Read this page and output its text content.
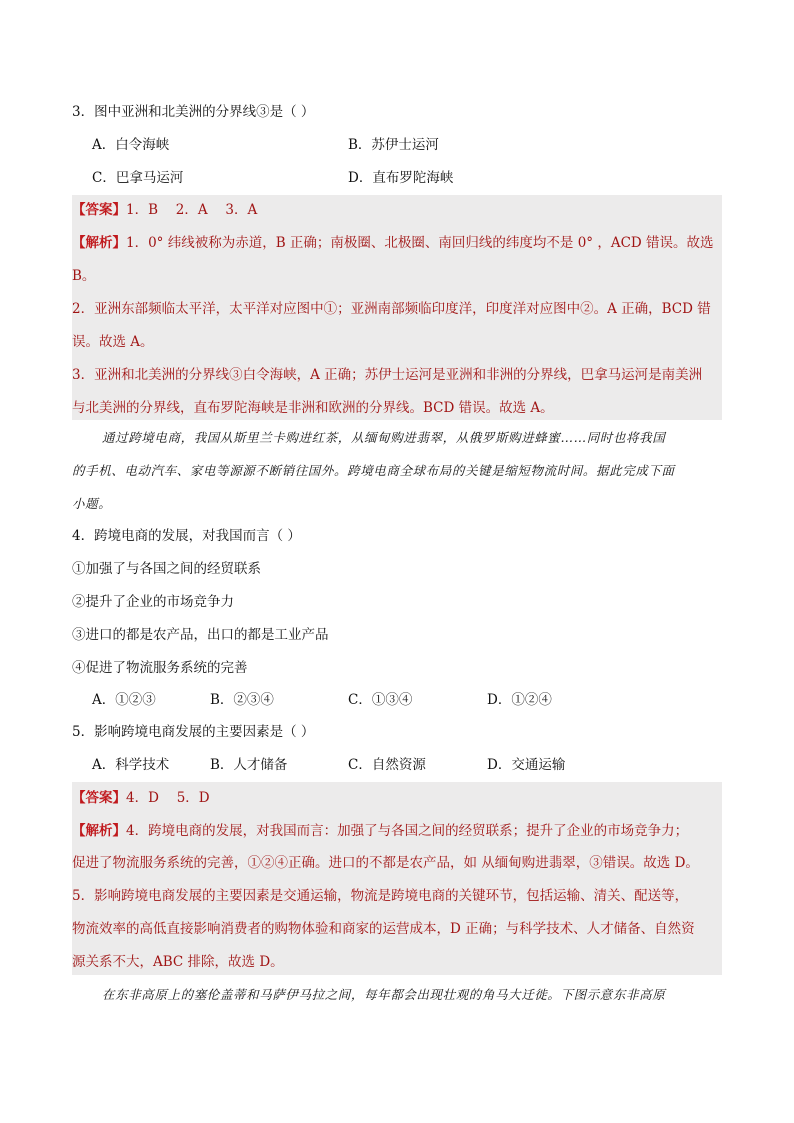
3．图中亚洲和北美洲的分界线③是（ ）
A．白令海峡	B．苏伊士运河
C．巴拿马运河	D．直布罗陀海峡
【答案】1．B　 2．A　 3．A
【解析】1．0° 纬线被称为赤道，B 正确；南极圈、北极圈、南回归线的纬度均不是 0° ，ACD 错误。故选
B。
2．亚洲东部频临太平洋，太平洋对应图中①；亚洲南部频临印度洋，印度洋对应图中②。A 正确，BCD 错
误。故选 A。
3．亚洲和北美洲的分界线③白令海峡，A 正确；苏伊士运河是亚洲和非洲的分界线，巴拿马运河是南美洲
与北美洲的分界线，直布罗陀海峡是非洲和欧洲的分界线。BCD 错误。故选 A。
通过跨境电商，我国从斯里兰卡购进红茶，从缅甸购进翡翠，从俄罗斯购进蜂蜜……同时也将我国
的手机、电动汽车、家电等源源不断销往国外。跨境电商全球布局的关键是缩短物流时间。据此完成下面
小题。
4．跨境电商的发展，对我国而言（ ）
①加强了与各国之间的经贸联系
②提升了企业的市场竞争力
③进口的都是农产品，出口的都是工业产品
④促进了物流服务系统的完善
A．①②③	B．②③④	C．①③④	D．①②④
5．影响跨境电商发展的主要因素是（ ）
A．科学技术	B．人才储备	C．自然资源	D．交通运输
【答案】4．D　 5．D
【解析】4．跨境电商的发展，对我国而言：加强了与各国之间的经贸联系；提升了企业的市场竞争力；
促进了物流服务系统的完善，①②④正确。进口的不都是农产品，如 从缅甸购进翡翠，③错误。故选 D。
5．影响跨境电商发展的主要因素是交通运输，物流是跨境电商的关键环节，包括运输、清关、配送等，
物流效率的高低直接影响消费者的购物体验和商家的运营成本，D 正确；与科学技术、人才储备、自然资
源关系不大，ABC 排除，故选 D。
在东非高原上的塞伦盖蒂和马萨伊马拉之间，每年都会出现壮观的角马大迁徙。下图示意东非高原
